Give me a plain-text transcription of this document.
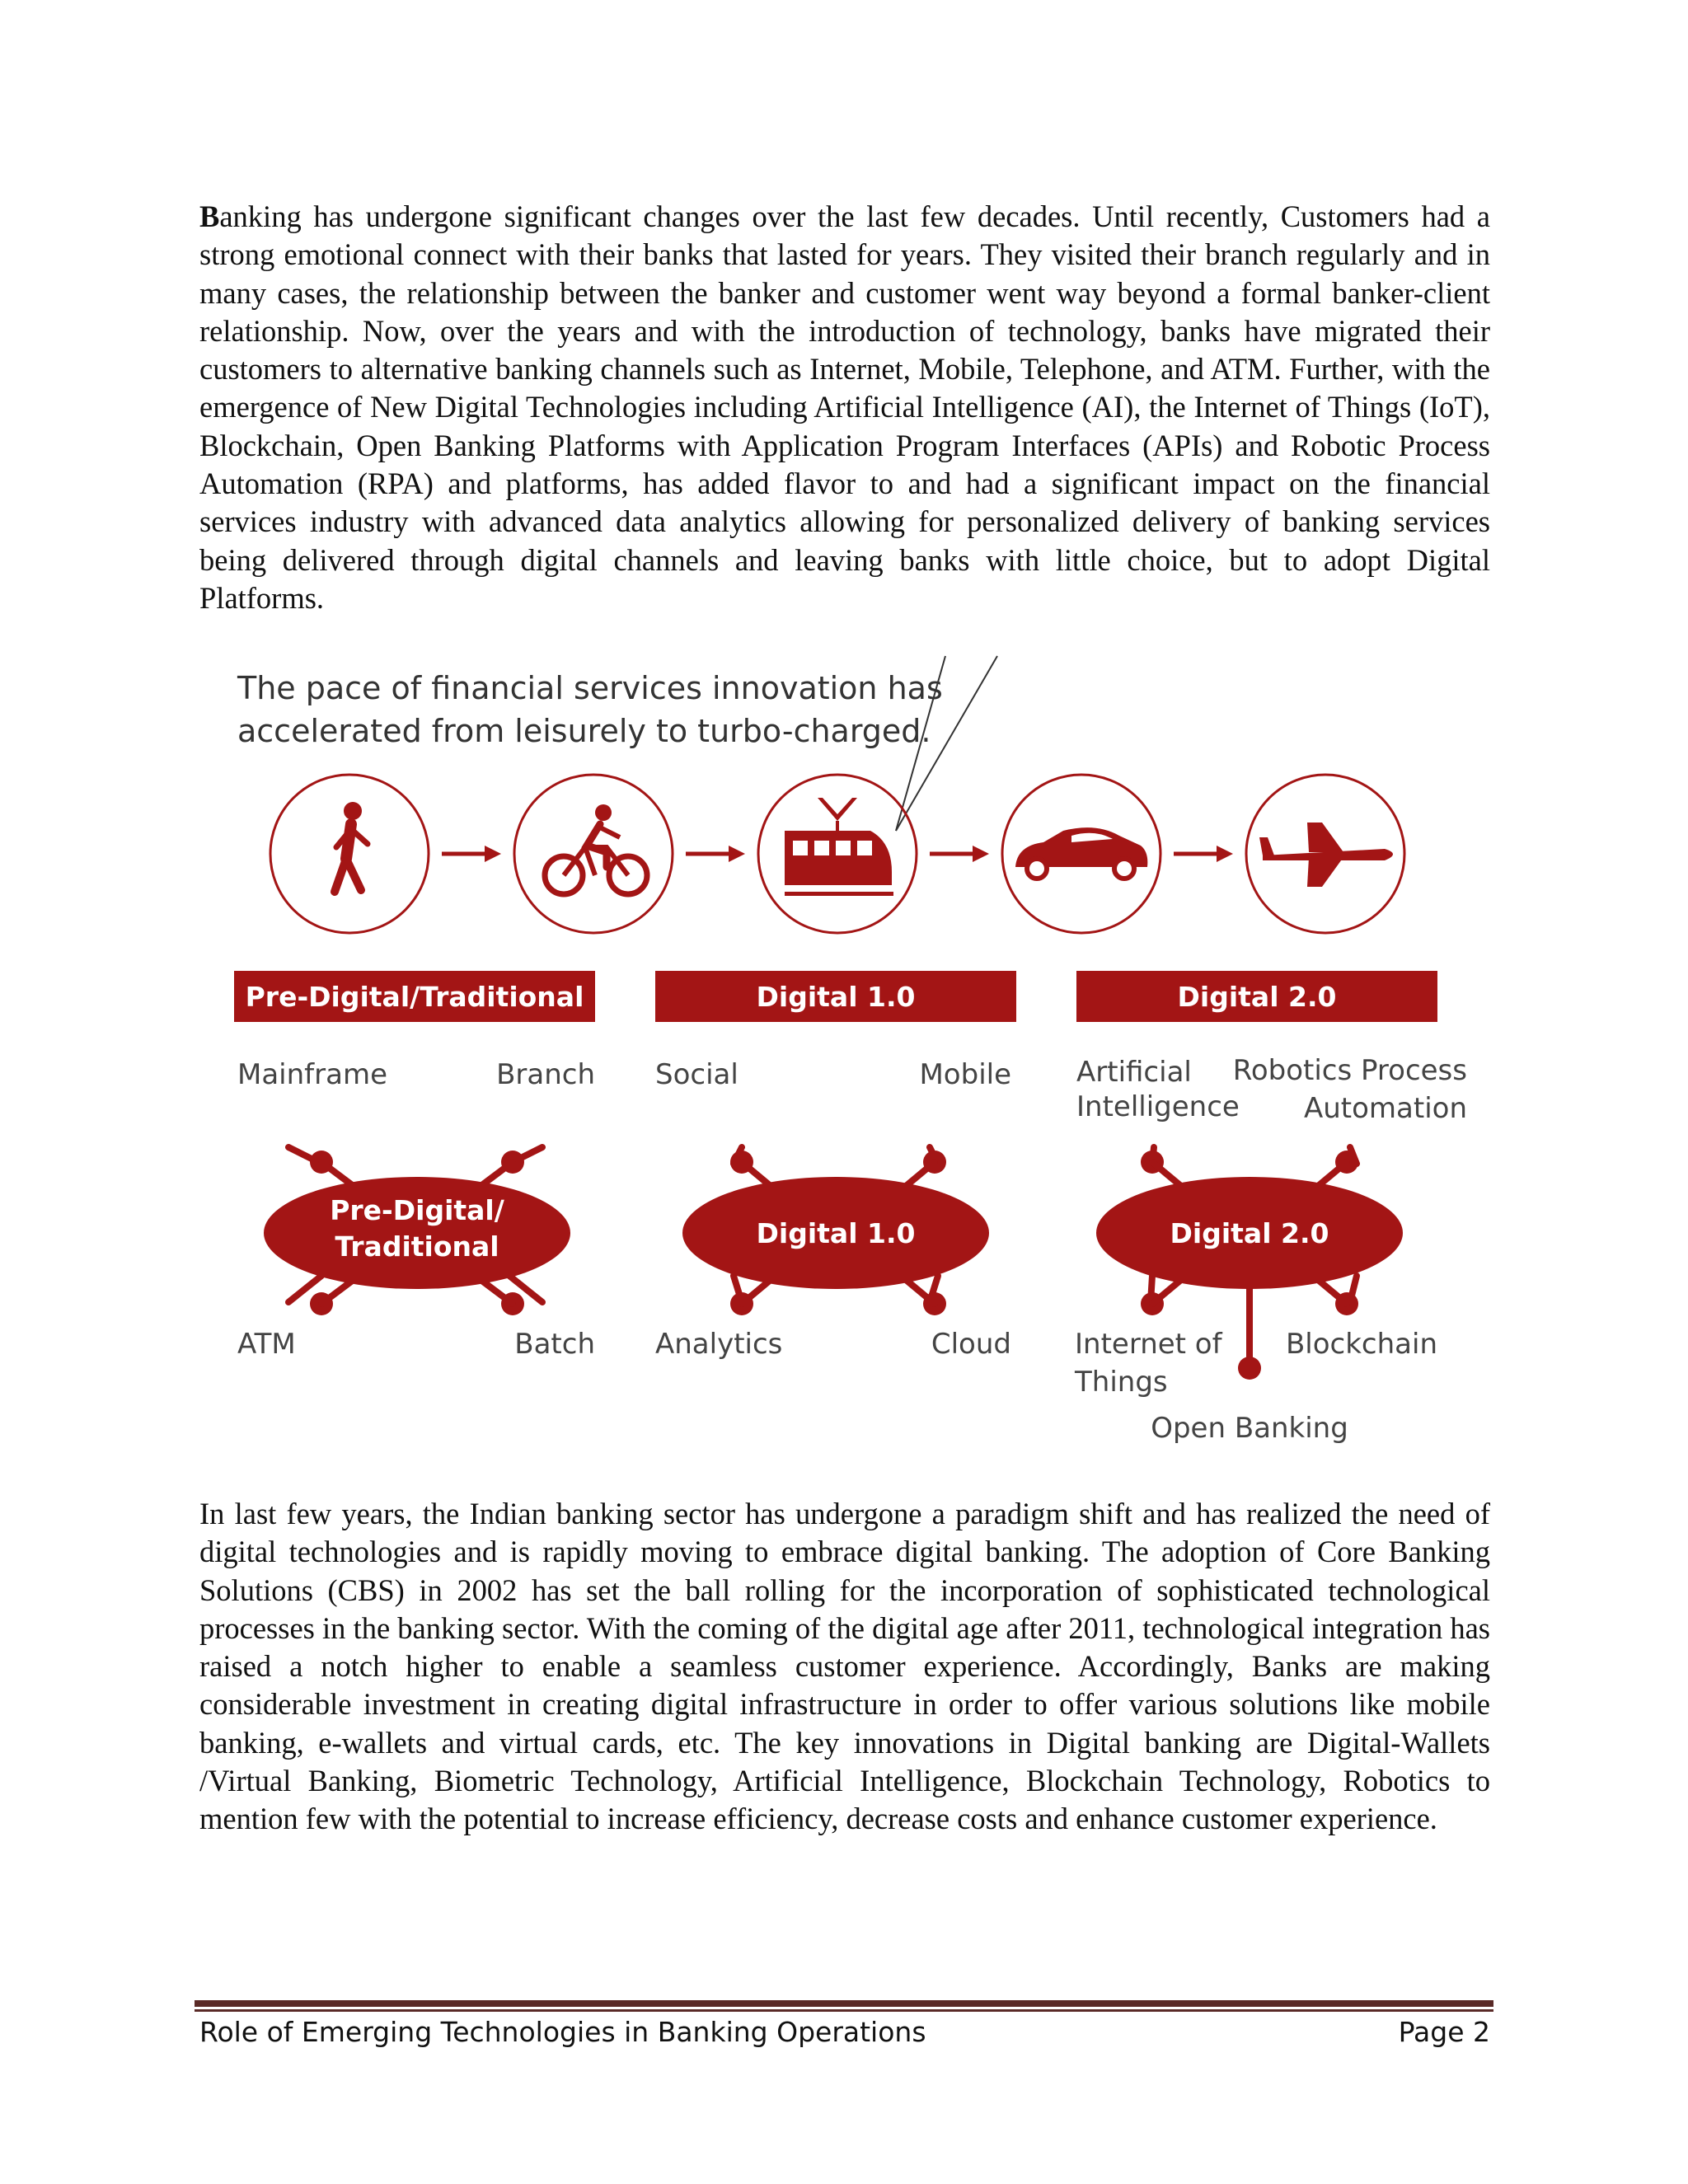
Banking has undergone significant changes over the last few decades. Until recently, Customers had a strong emotional connect with their banks that lasted for years. They visited their branch regularly and in many cases, the relationship between the banker and customer went way beyond a formal banker-client relationship. Now, over the years and with the introduction of technology, banks have migrated their customers to alternative banking channels such as Internet, Mobile, Telephone, and ATM. Further, with the emergence of New Digital Technologies including Artificial Intelligence (AI), the Internet of Things (IoT), Blockchain, Open Banking Platforms with Application Program Interfaces (APIs) and Robotic Process Automation (RPA) and platforms, has added flavor to and had a significant impact on the financial services industry with advanced data analytics allowing for personalized delivery of banking services being delivered through digital channels and leaving banks with little choice, but to adopt Digital Platforms.

The pace of financial services innovation has
accelerated from leisurely to turbo-charged.
Pre-Digital/Traditional	Digital 1.0	Digital 2.0
Mainframe	Branch Social	Mobile Artificial
Intelligence
Robotics Process
Automation
Pre-Digital/
Traditional	Digital 1.0	Digital 2.0
ATM	Batch Analytics	Cloud Internet of
Things
Blockchain
Open Banking

In last few years, the Indian banking sector has undergone a paradigm shift and has realized the need of digital technologies and is rapidly moving to embrace digital banking. The adoption of Core Banking Solutions (CBS) in 2002 has set the ball rolling for the incorporation of sophisticated technological processes in the banking sector. With the coming of the digital age after 2011, technological integration has raised a notch higher to enable a seamless customer experience. Accordingly, Banks are making considerable investment in creating digital infrastructure in order to offer various solutions like mobile banking, e-wallets and virtual cards, etc. The key innovations in Digital banking are Digital-Wallets /Virtual Banking, Biometric Technology, Artificial Intelligence, Blockchain Technology, Robotics to mention few with the potential to increase efficiency, decrease costs and enhance customer experience.

Role of Emerging Technologies in Banking Operations	Page 2
